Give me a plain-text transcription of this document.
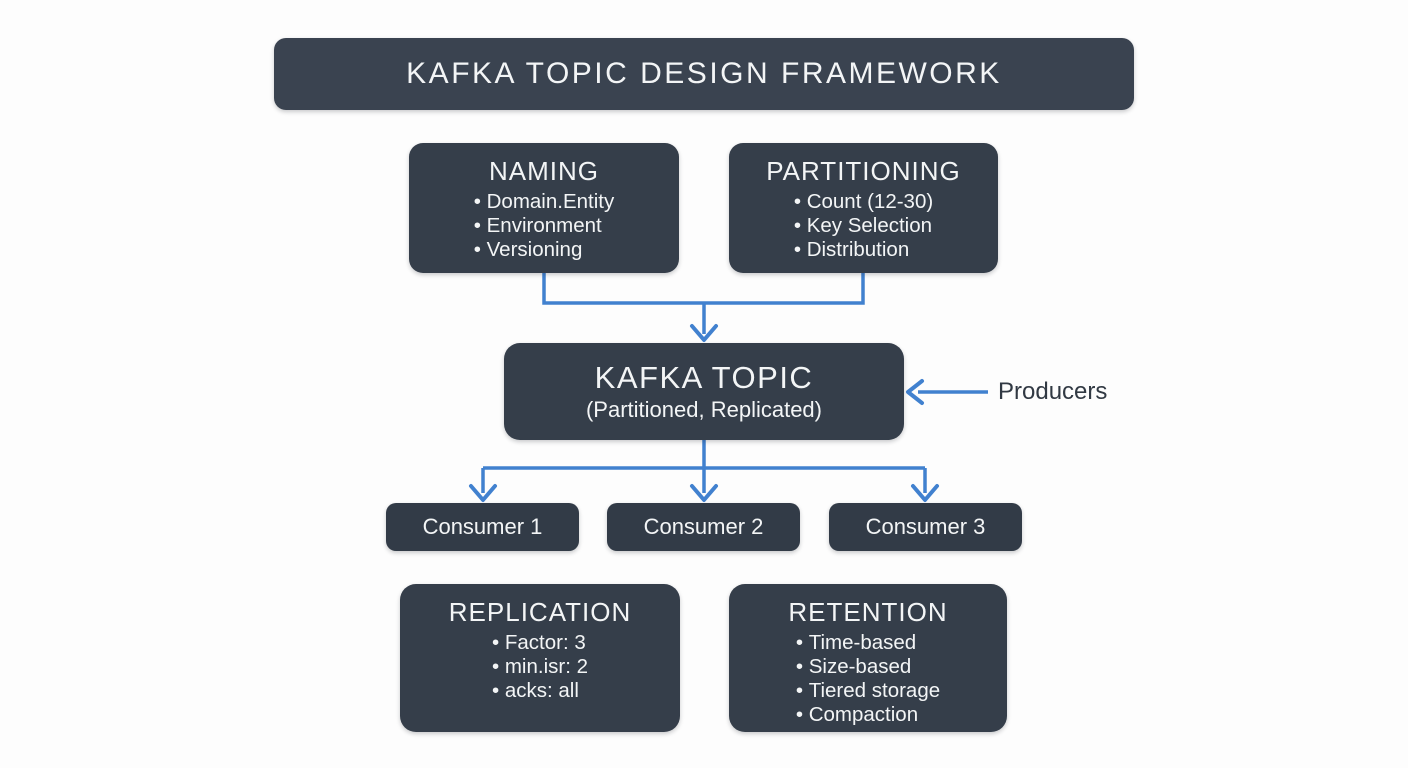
KAFKA TOPIC DESIGN FRAMEWORK
NAMING
• Domain.Entity
• Environment
• Versioning
PARTITIONING
• Count (12-30)
• Key Selection
• Distribution
KAFKA TOPIC
(Partitioned, Replicated)
Producers
Consumer 1	Consumer 2	Consumer 3
REPLICATION
• Factor: 3
• min.isr: 2
• acks: all
RETENTION
• Time-based
• Size-based
• Tiered storage
• Compaction
